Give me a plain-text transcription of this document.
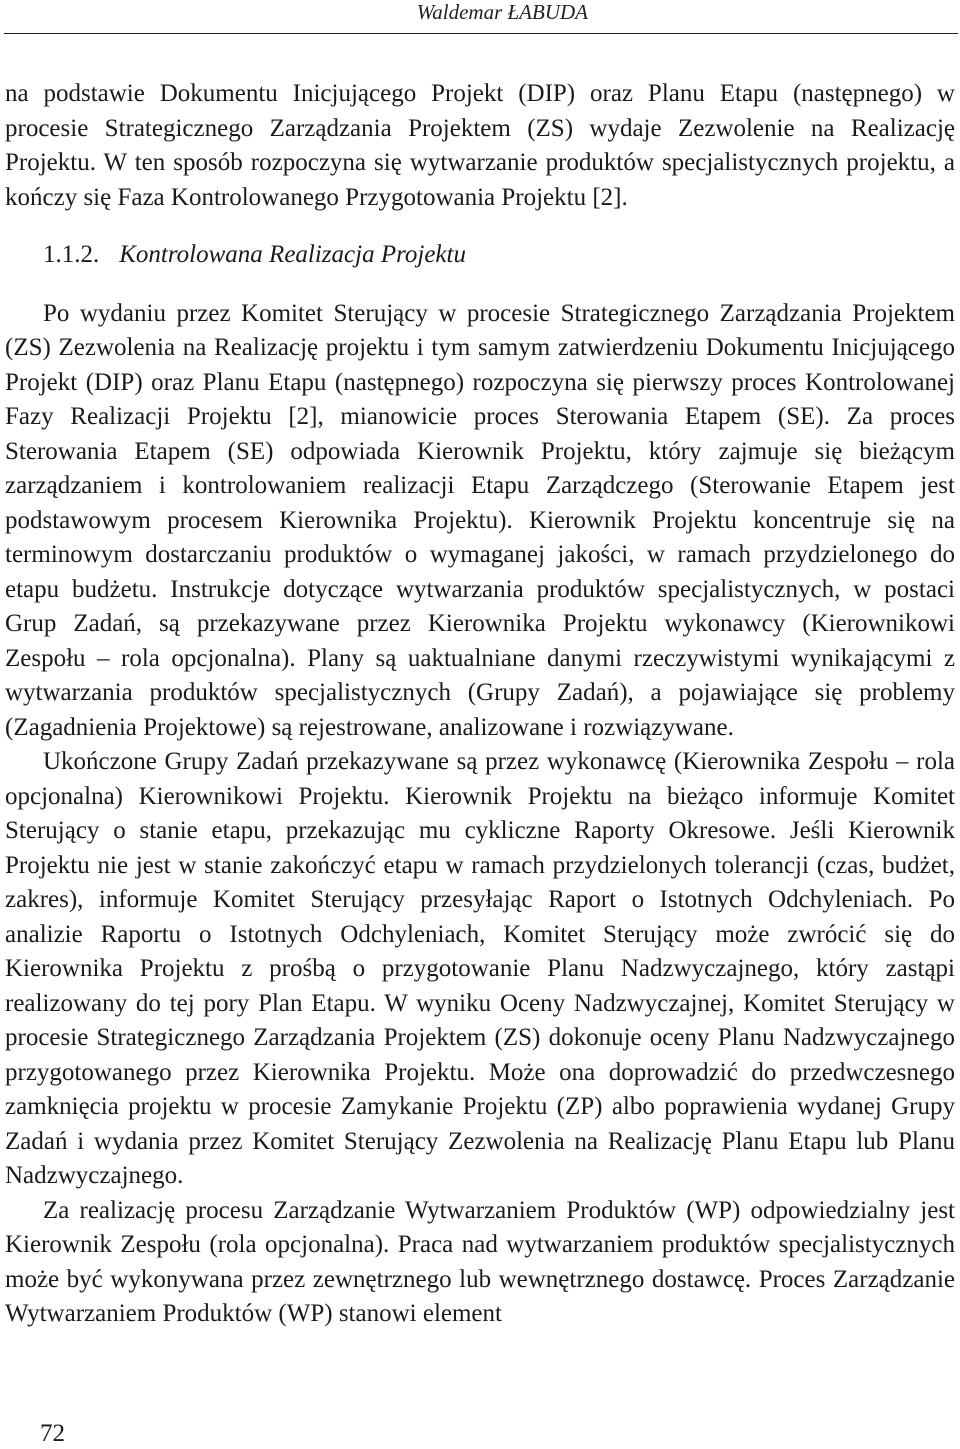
Waldemar ŁABUDA

na podstawie Dokumentu Inicjującego Projekt (DIP) oraz Planu Etapu (następnego) w procesie Strategicznego Zarządzania Projektem (ZS) wydaje Zezwolenie na Realizację Projektu. W ten sposób rozpoczyna się wytwarzanie produktów specjalistycznych projektu, a kończy się Faza Kontrolowanego Przygotowania Projektu [2].

1.1.2. Kontrolowana Realizacja Projektu

Po wydaniu przez Komitet Sterujący w procesie Strategicznego Zarządzania Projektem (ZS) Zezwolenia na Realizację projektu i tym samym zatwierdzeniu Dokumentu Inicjującego Projekt (DIP) oraz Planu Etapu (następnego) rozpoczyna się pierwszy proces Kontrolowanej Fazy Realizacji Projektu [2], mianowicie proces Sterowania Etapem (SE). Za proces Sterowania Etapem (SE) odpowiada Kierownik Projektu, który zajmuje się bieżącym zarządzaniem i kontrolowaniem realizacji Etapu Zarządczego (Sterowanie Etapem jest podstawowym procesem Kierownika Projektu). Kierownik Projektu koncentruje się na terminowym dostarczaniu produktów o wymaganej jakości, w ramach przydzielonego do etapu budżetu. Instrukcje dotyczące wytwarzania produktów specjalistycznych, w postaci Grup Zadań, są przekazywane przez Kierownika Projektu wykonawcy (Kierownikowi Zespołu – rola opcjonalna). Plany są uaktualniane danymi rzeczywistymi wynikającymi z wytwarzania produktów specjalistycznych (Grupy Zadań), a pojawiające się problemy (Zagadnienia Projektowe) są rejestrowane, analizowane i rozwiązywane.

Ukończone Grupy Zadań przekazywane są przez wykonawcę (Kierownika Zespołu – rola opcjonalna) Kierownikowi Projektu. Kierownik Projektu na bieżąco informuje Komitet Sterujący o stanie etapu, przekazując mu cykliczne Raporty Okresowe. Jeśli Kierownik Projektu nie jest w stanie zakończyć etapu w ramach przydzielonych tolerancji (czas, budżet, zakres), informuje Komitet Sterujący przesyłając Raport o Istotnych Odchyleniach. Po analizie Raportu o Istotnych Odchyleniach, Komitet Sterujący może zwrócić się do Kierownika Projektu z prośbą o przygotowanie Planu Nadzwyczajnego, który zastąpi realizowany do tej pory Plan Etapu. W wyniku Oceny Nadzwyczajnej, Komitet Sterujący w procesie Strategicznego Zarządzania Projektem (ZS) dokonuje oceny Planu Nadzwyczajnego przygotowanego przez Kierownika Projektu. Może ona doprowadzić do przedwczesnego zamknięcia projektu w procesie Zamykanie Projektu (ZP) albo poprawienia wydanej Grupy Zadań i wydania przez Komitet Sterujący Zezwolenia na Realizację Planu Etapu lub Planu Nadzwyczajnego.

Za realizację procesu Zarządzanie Wytwarzaniem Produktów (WP) odpowiedzialny jest Kierownik Zespołu (rola opcjonalna). Praca nad wytwarzaniem produktów specjalistycznych może być wykonywana przez zewnętrznego lub wewnętrznego dostawcę. Proces Zarządzanie Wytwarzaniem Produktów (WP) stanowi element

72
